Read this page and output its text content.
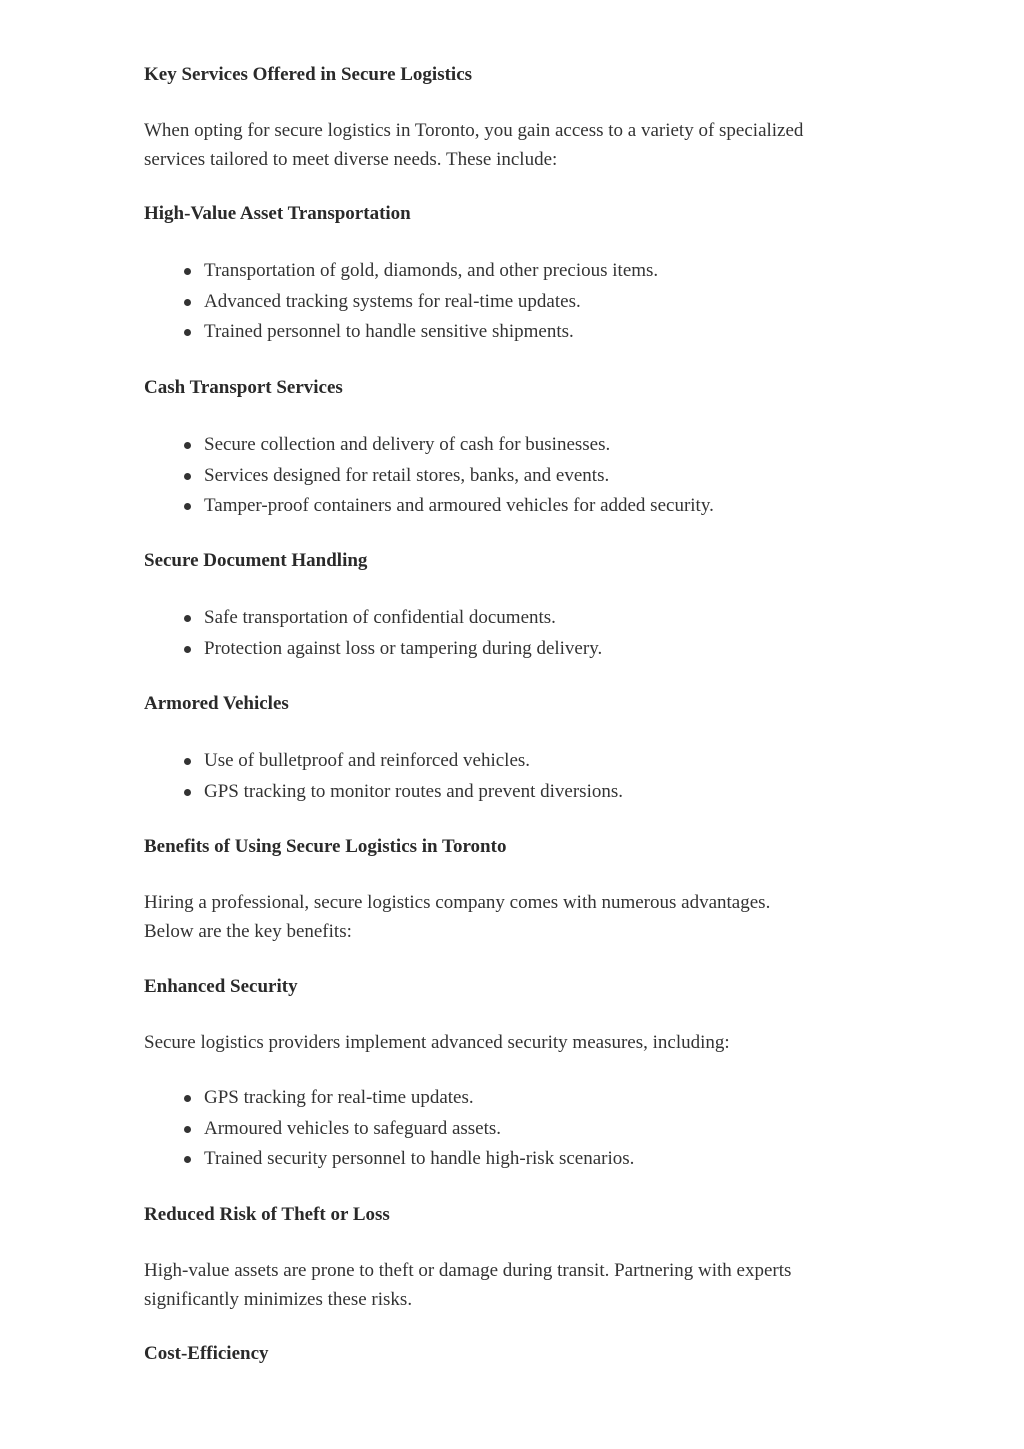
Key Services Offered in Secure Logistics

When opting for secure logistics in Toronto, you gain access to a variety of specialized services tailored to meet diverse needs. These include:

High-Value Asset Transportation
Transportation of gold, diamonds, and other precious items.
Advanced tracking systems for real-time updates.
Trained personnel to handle sensitive shipments.
Cash Transport Services
Secure collection and delivery of cash for businesses.
Services designed for retail stores, banks, and events.
Tamper-proof containers and armoured vehicles for added security.
Secure Document Handling
Safe transportation of confidential documents.
Protection against loss or tampering during delivery.
Armored Vehicles
Use of bulletproof and reinforced vehicles.
GPS tracking to monitor routes and prevent diversions.
Benefits of Using Secure Logistics in Toronto

Hiring a professional, secure logistics company comes with numerous advantages. Below are the key benefits:

Enhanced Security

Secure logistics providers implement advanced security measures, including:

GPS tracking for real-time updates.
Armoured vehicles to safeguard assets.
Trained security personnel to handle high-risk scenarios.
Reduced Risk of Theft or Loss

High-value assets are prone to theft or damage during transit. Partnering with experts significantly minimizes these risks.

Cost-Efficiency
